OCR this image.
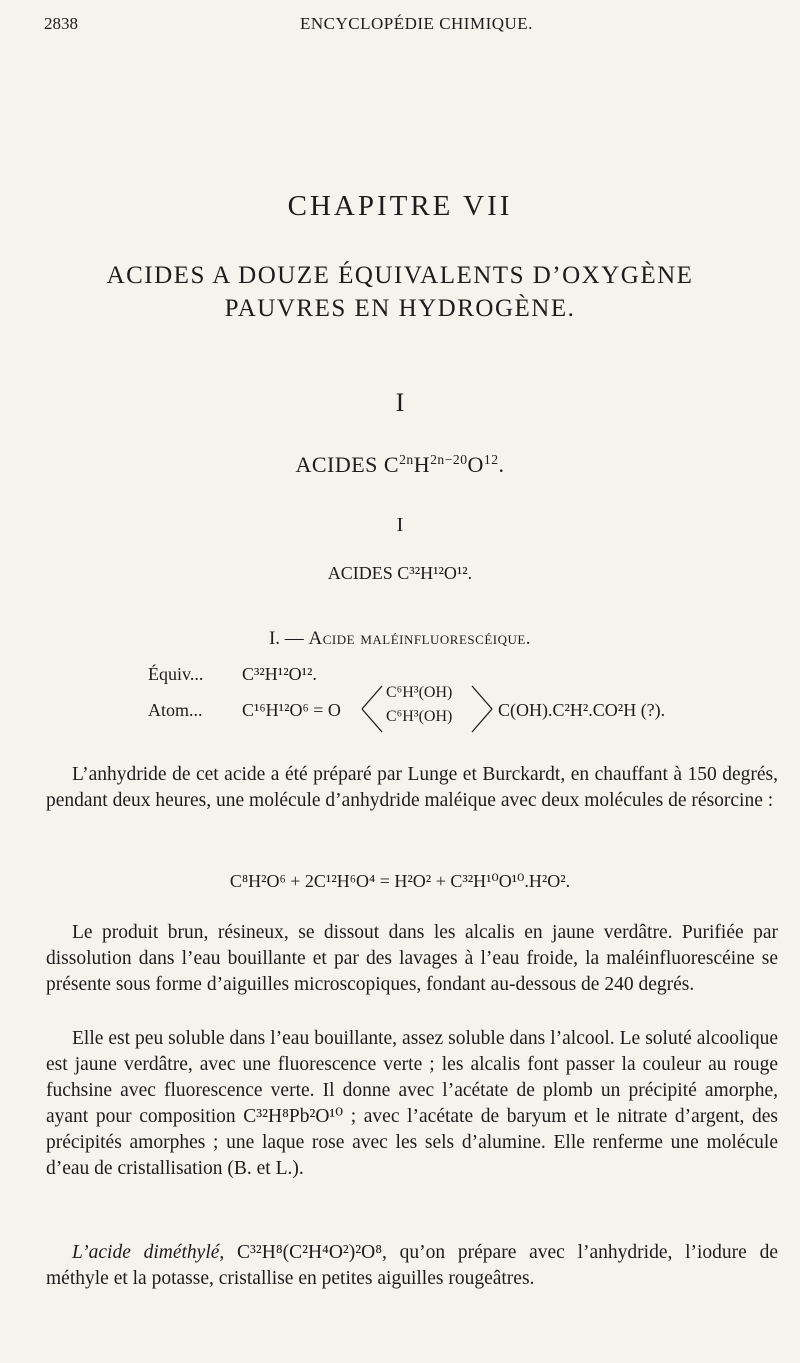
2838	ENCYCLOPÉDIE CHIMIQUE.
CHAPITRE VII
ACIDES A DOUZE ÉQUIVALENTS D’OXYGÈNE
PAUVRES EN HYDROGÈNE.
I
ACIDES $C^{2n}H^{2n-20}O^{12}$.
I
ACIDES C³²H¹²O¹².
I. — Acide maléinfluorescéique.
Équiv... C³²H¹²O¹².
Atom... C¹⁶H¹²O⁶ = O
C⁶H³(OH)
C⁶H³(OH)	C(OH).C²H².CO²H (?).

L’anhydride de cet acide a été préparé par Lunge et Burckardt, en chauffant à 150 degrés, pendant deux heures, une molécule d’anhydride maléique avec deux molécules de résorcine :

C⁸H²O⁶ + 2C¹²H⁶O⁴ = H²O² + C³²H¹⁰O¹⁰.H²O².

Le produit brun, résineux, se dissout dans les alcalis en jaune verdâtre. Purifiée par dissolution dans l’eau bouillante et par des lavages à l’eau froide, la maléinfluorescéine se présente sous forme d’aiguilles microscopiques, fondant au-dessous de 240 degrés.

Elle est peu soluble dans l’eau bouillante, assez soluble dans l’alcool. Le soluté alcoolique est jaune verdâtre, avec une fluorescence verte ; les alcalis font passer la couleur au rouge fuchsine avec fluorescence verte. Il donne avec l’acétate de plomb un précipité amorphe, ayant pour composition C³²H⁸Pb²O¹⁰ ; avec l’acétate de baryum et le nitrate d’argent, des précipités amorphes ; une laque rose avec les sels d’alumine. Elle renferme une molécule d’eau de cristallisation (B. et L.).

L’acide diméthylé, C³²H⁸(C²H⁴O²)²O⁸, qu’on prépare avec l’anhydride, l’iodure de méthyle et la potasse, cristallise en petites aiguilles rougeâtres.
